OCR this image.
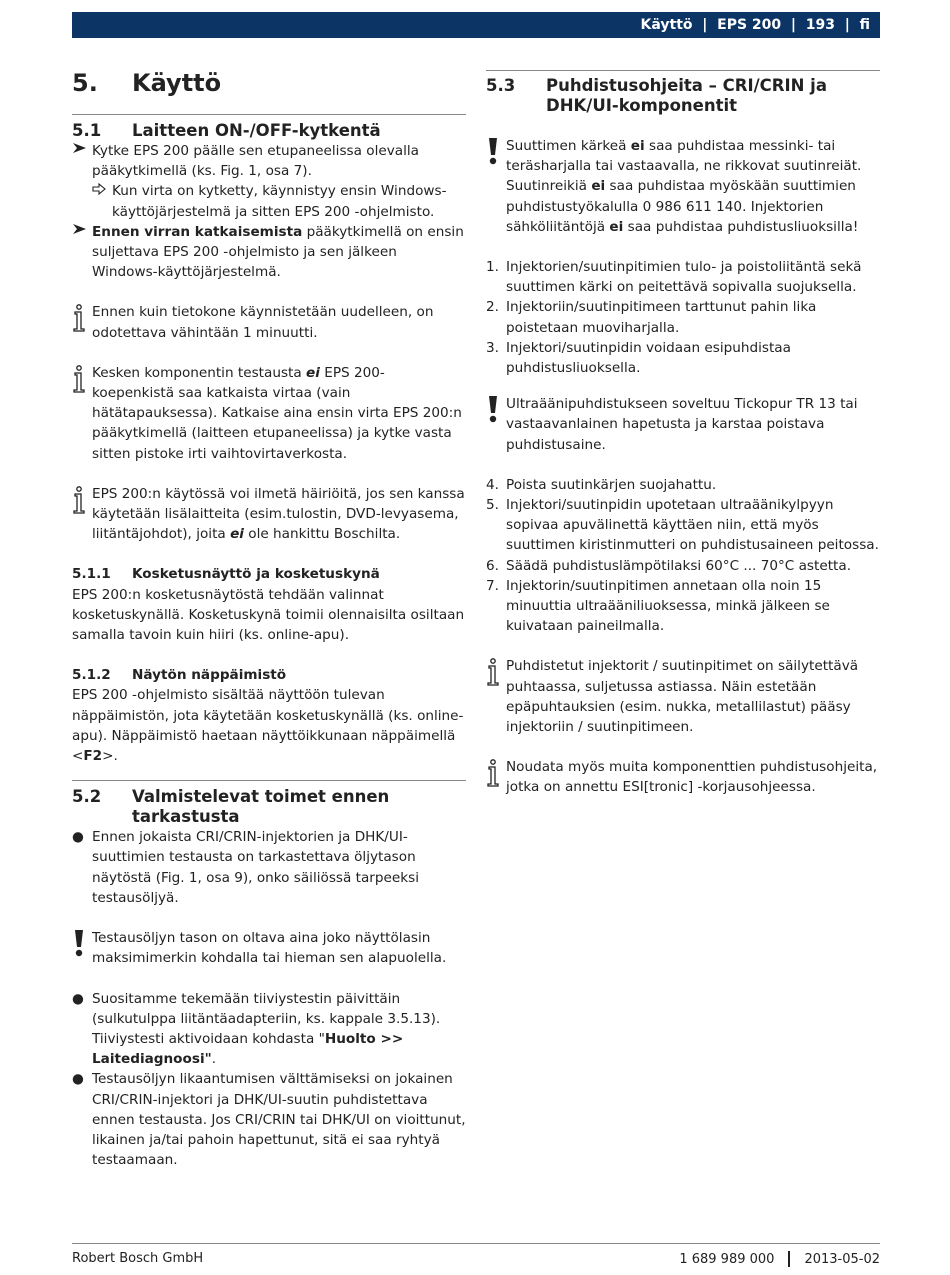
Käyttö | EPS 200 | 193 | fi
5.	Käyttö
5.1	Laitteen ON-/OFF-kytkentä
Kytke EPS 200 päälle sen etupaneelissa olevalla pääkytkimellä (ks. Fig. 1, osa 7).
Kun virta on kytketty, käynnistyy ensin Windows-käyttöjärjestelmä ja sitten EPS 200 -ohjelmisto.
Ennen virran katkaisemista pääkytkimellä on ensin suljettava EPS 200 -ohjelmisto ja sen jälkeen Windows-käyttöjärjestelmä.
Ennen kuin tietokone käynnistetään uudelleen, on odotettava vähintään 1 minuutti.
Kesken komponentin testausta ei EPS 200-koepenkistä saa katkaista virtaa (vain hätätapauksessa). Katkaise aina ensin virta EPS 200:n pääkytkimellä (laitteen etupaneelissa) ja kytke vasta sitten pistoke irti vaihtovirtaverkosta.
EPS 200:n käytössä voi ilmetä häiriöitä, jos sen kanssa käytetään lisälaitteita (esim.tulostin, DVD-levyasema, liitäntäjohdot), joita ei ole hankittu Boschilta.
5.1.1	Kosketusnäyttö ja kosketuskynä

EPS 200:n kosketusnäytöstä tehdään valinnat kosketuskynällä. Kosketuskynä toimii olennaisilta osiltaan samalla tavoin kuin hiiri (ks. online-apu).

5.1.2	Näytön näppäimistö

EPS 200 -ohjelmisto sisältää näyttöön tulevan näppäimistön, jota käytetään kosketuskynällä (ks. online-apu). Näppäimistö haetaan näyttöikkunaan näppäimellä <F2>.

5.2	Valmistelevat toimet ennen tarkastusta
● Ennen jokaista CRI/CRIN-injektorien ja DHK/UI-suuttimien testausta on tarkastettava öljytason näytöstä (Fig. 1, osa 9), onko säiliössä tarpeeksi testausöljyä.
Testausöljyn tason on oltava aina joko näyttölasin maksimimerkin kohdalla tai hieman sen alapuolella.
● Suositamme tekemään tiiviystestin päivittäin (sulkutulppa liitäntäadapteriin, ks. kappale 3.5.13). Tiiviystesti aktivoidaan kohdasta "Huolto >> Laitediagnoosi".
● Testausöljyn likaantumisen välttämiseksi on jokainen CRI/CRIN-injektori ja DHK/UI-suutin puhdistettava ennen testausta. Jos CRI/CRIN tai DHK/UI on vioittunut, likainen ja/tai pahoin hapettunut, sitä ei saa ryhtyä testaamaan.
5.3	Puhdistusohjeita – CRI/CRIN ja DHK/UI-komponentit
Suuttimen kärkeä ei saa puhdistaa messinki- tai teräsharjalla tai vastaavalla, ne rikkovat suutinreiät. Suutinreikiä ei saa puhdistaa myöskään suuttimien puhdistustyökalulla 0 986 611 140. Injektorien sähköliitäntöjä ei saa puhdistaa puhdistusliuoksilla!
1. Injektorien/suutinpitimien tulo- ja poistoliitäntä sekä suuttimen kärki on peitettävä sopivalla suojuksella.
2. Injektoriin/suutinpitimeen tarttunut pahin lika poistetaan muoviharjalla.
3. Injektori/suutinpidin voidaan esipuhdistaa puhdistusliuoksella.
Ultraäänipuhdistukseen soveltuu Tickopur TR 13 tai vastaavanlainen hapetusta ja karstaa poistava puhdistusaine.
4. Poista suutinkärjen suojahattu.
5. Injektori/suutinpidin upotetaan ultraäänikylpyyn sopivaa apuvälinettä käyttäen niin, että myös suuttimen kiristinmutteri on puhdistusaineen peitossa.
6. Säädä puhdistuslämpötilaksi 60°C ... 70°C astetta.
7. Injektorin/suutinpitimen annetaan olla noin 15 minuuttia ultraääniliuoksessa, minkä jälkeen se kuivataan paineilmalla.
Puhdistetut injektorit / suutinpitimet on säilytettävä puhtaassa, suljetussa astiassa. Näin estetään epäpuhtauksien (esim. nukka, metallilastut) pääsy injektoriin / suutinpitimeen.
Noudata myös muita komponenttien puhdistusohjeita, jotka on annettu ESI[tronic] -korjausohjeessa.
Robert Bosch GmbH	1 689 989 000 2013-05-02
